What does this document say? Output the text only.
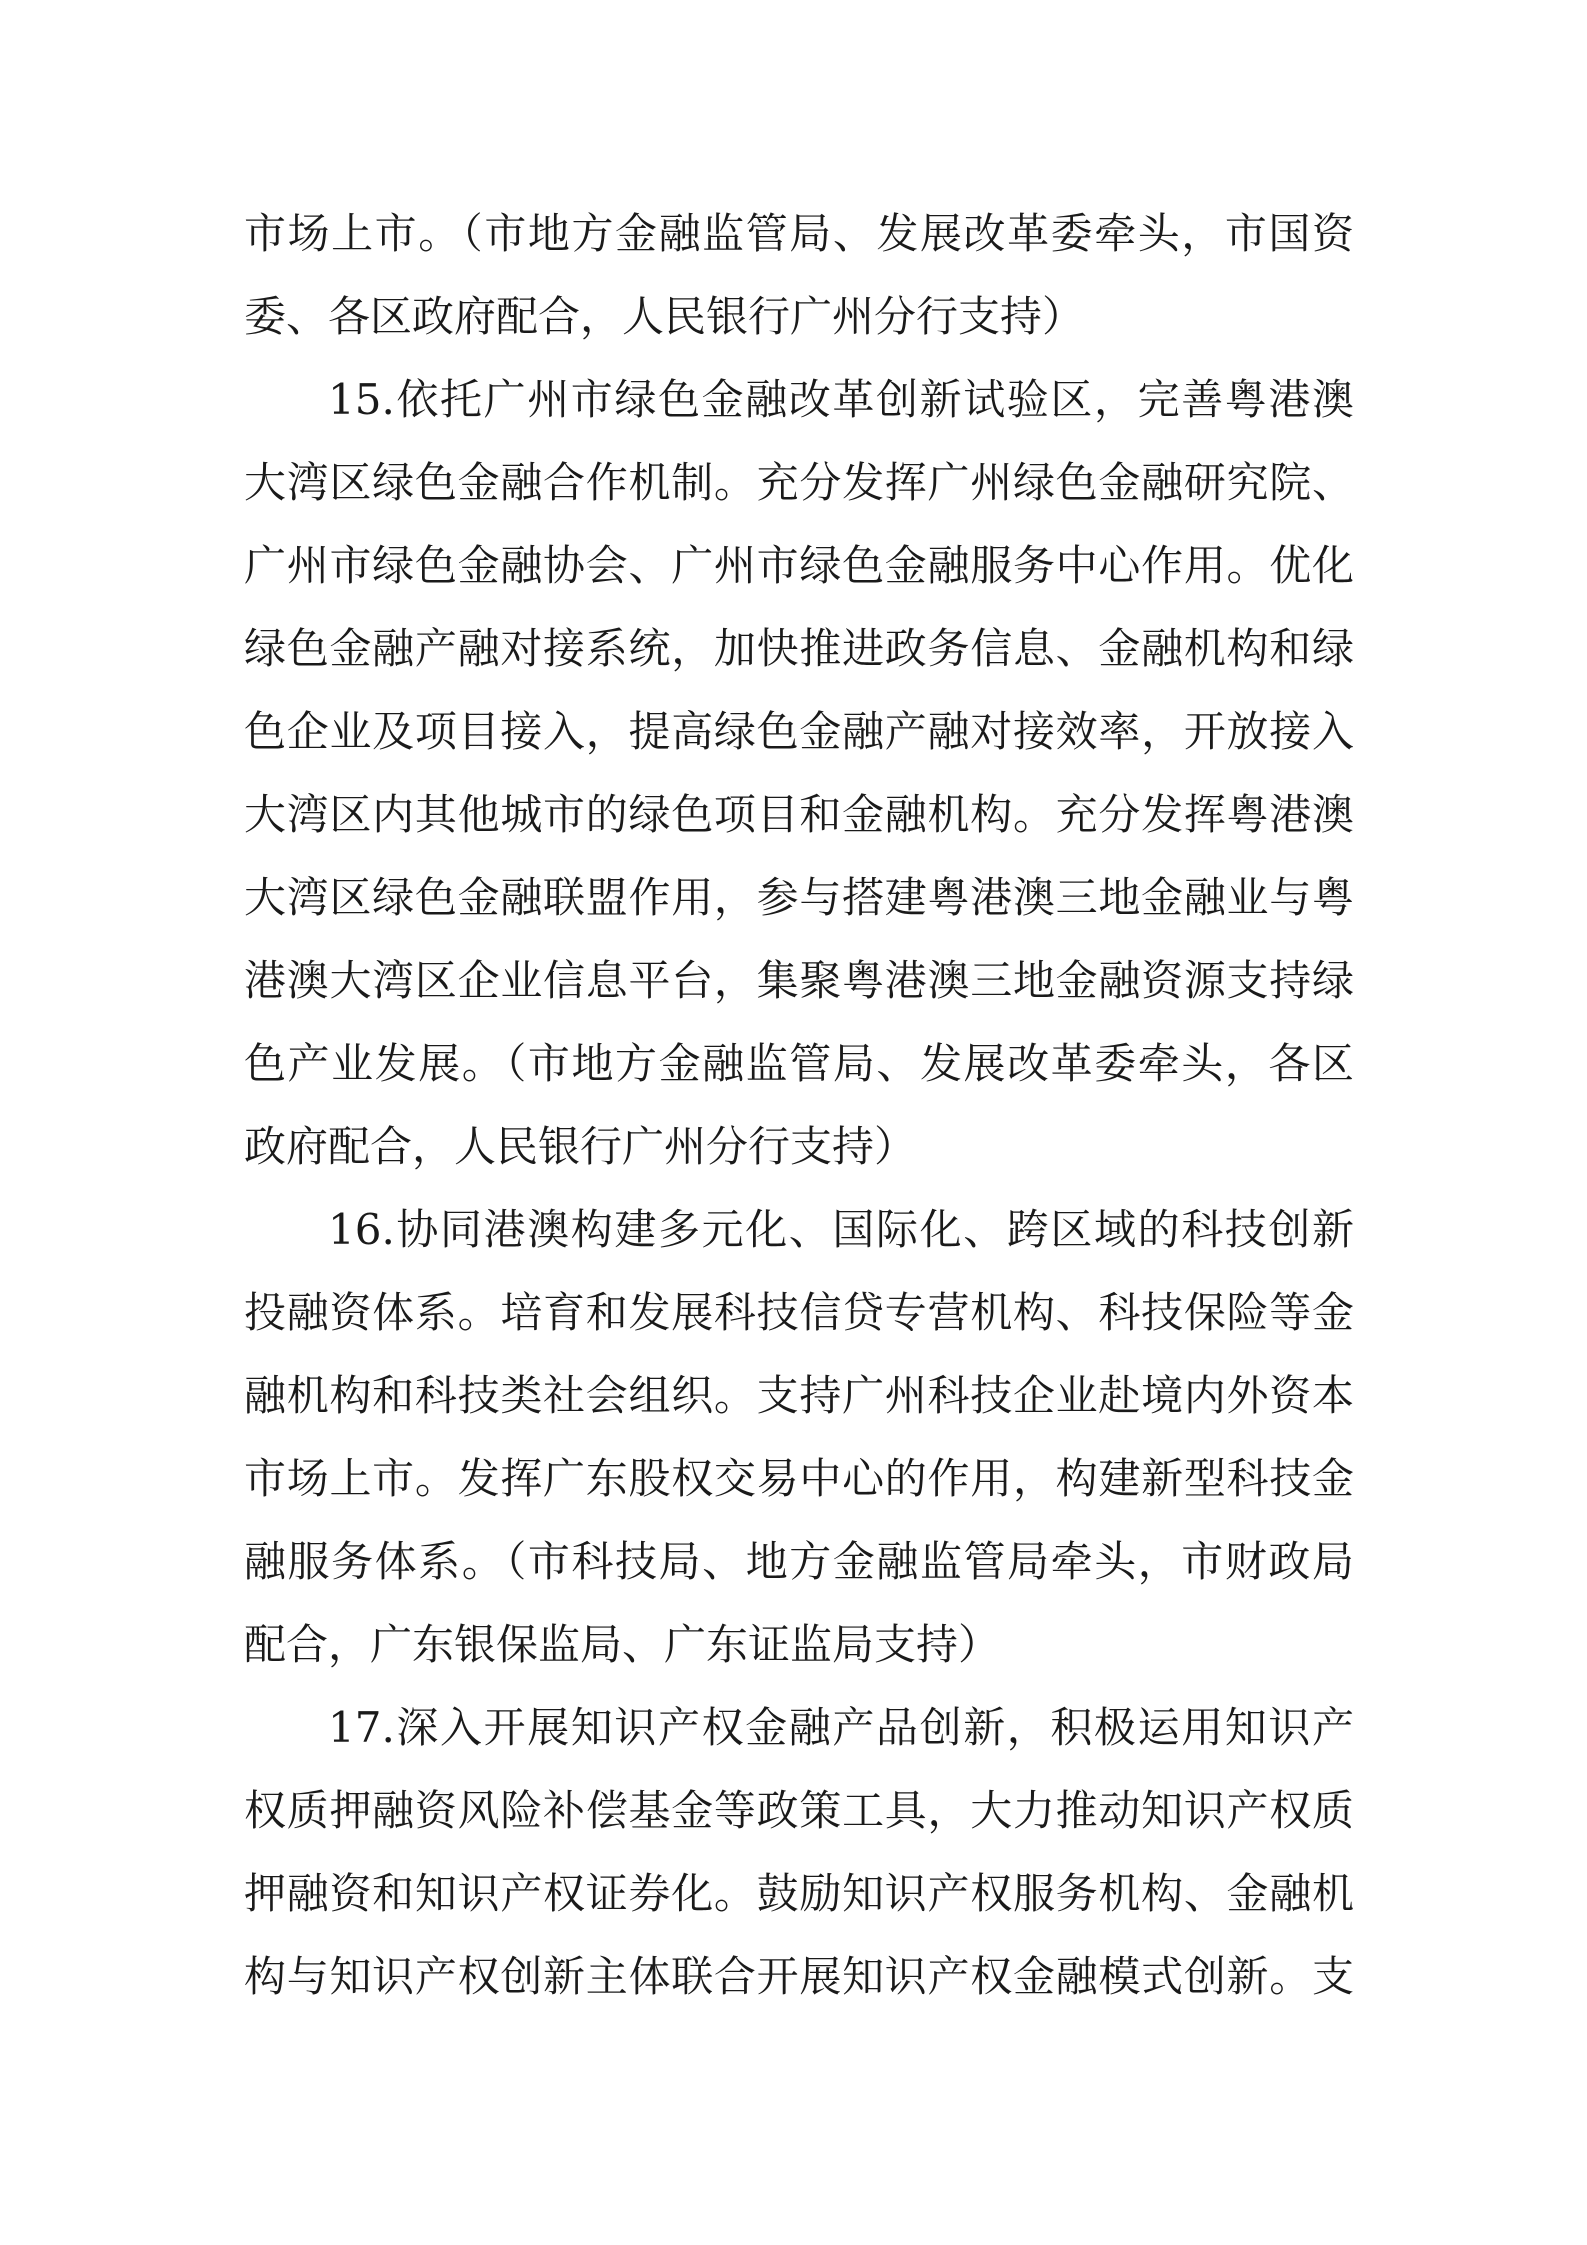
市场上市。（市地方金融监管局、发展改革委牵头，市国资
委、各区政府配合，人民银行广州分行支持）
15.依托广州市绿色金融改革创新试验区，完善粤港澳
大湾区绿色金融合作机制。充分发挥广州绿色金融研究院、
广州市绿色金融协会、广州市绿色金融服务中心作用。优化
绿色金融产融对接系统，加快推进政务信息、金融机构和绿
色企业及项目接入，提高绿色金融产融对接效率，开放接入
大湾区内其他城市的绿色项目和金融机构。充分发挥粤港澳
大湾区绿色金融联盟作用，参与搭建粤港澳三地金融业与粤
港澳大湾区企业信息平台，集聚粤港澳三地金融资源支持绿
色产业发展。（市地方金融监管局、发展改革委牵头，各区
政府配合，人民银行广州分行支持）
16.协同港澳构建多元化、国际化、跨区域的科技创新
投融资体系。培育和发展科技信贷专营机构、科技保险等金
融机构和科技类社会组织。支持广州科技企业赴境内外资本
市场上市。发挥广东股权交易中心的作用，构建新型科技金
融服务体系。（市科技局、地方金融监管局牵头，市财政局
配合，广东银保监局、广东证监局支持）
17.深入开展知识产权金融产品创新，积极运用知识产
权质押融资风险补偿基金等政策工具，大力推动知识产权质
押融资和知识产权证券化。鼓励知识产权服务机构、金融机
构与知识产权创新主体联合开展知识产权金融模式创新。支
